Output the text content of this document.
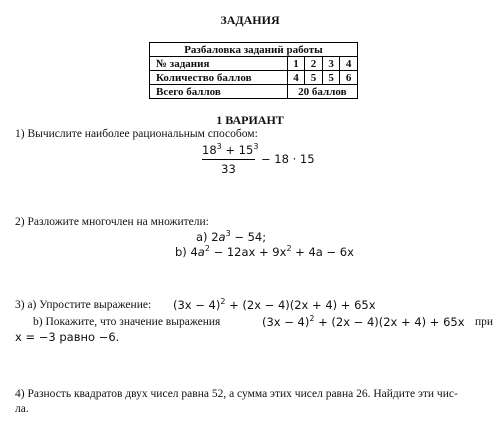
ЗАДАНИЯ
Разбаловка заданий работы				
№ задания	1	2	3	4
Количество баллов	4	5	5	6
Всего баллов	20 баллов			
1 ВАРИАНТ
1) Вычислите наиболее рациональным способом:
$18^3 + 15^3$
33
− 18 · 15
2) Разложите многочлен на множители:
a) $2a^3 - 54$;
b) $4a^2 - 12ax + 9x^2 + 4a - 6x$
3) а) Упростите выражение: $(3x - 4)^2 + (2x - 4)(2x + 4) + 65x$
b) Покажите, что значение выражения	$(3x - 4)^2 + (2x - 4)(2x + 4) + 65x$ при
x = −3 равно −6.
4) Разность квадратов двух чисел равна 52, а сумма этих чисел равна 26. Найдите эти чис-
ла.
